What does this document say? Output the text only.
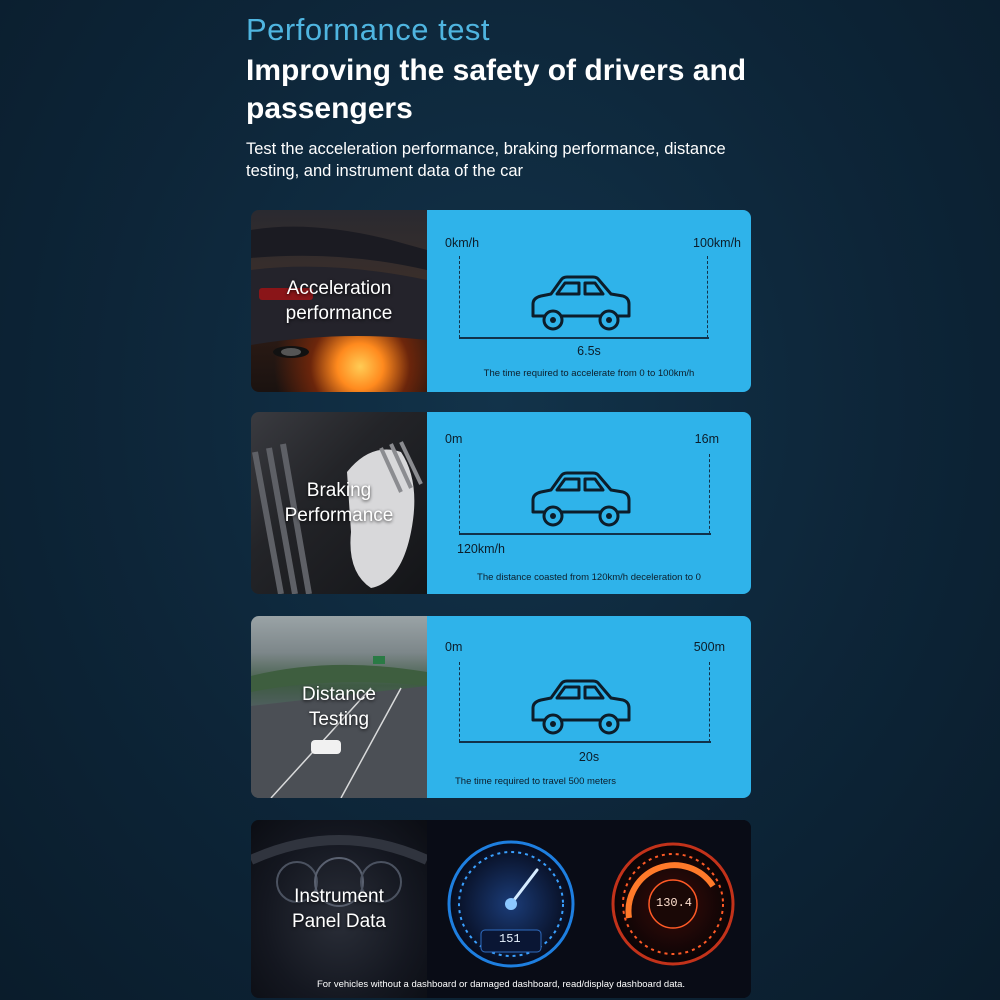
Performance test
Improving the safety of drivers and passengers
Test the acceleration performance, braking performance, distance testing, and instrument data of the car
Acceleration
performance
0km/h	100km/h
6.5s
The time required to accelerate from 0 to 100km/h
Braking
Performance
0m	16m
120km/h
The distance coasted from 120km/h deceleration to 0
Distance
Testing
0m	500m
20s
The time required to travel 500 meters
Instrument
Panel Data
151
130.4
For vehicles without a dashboard or damaged dashboard, read/display dashboard data.
